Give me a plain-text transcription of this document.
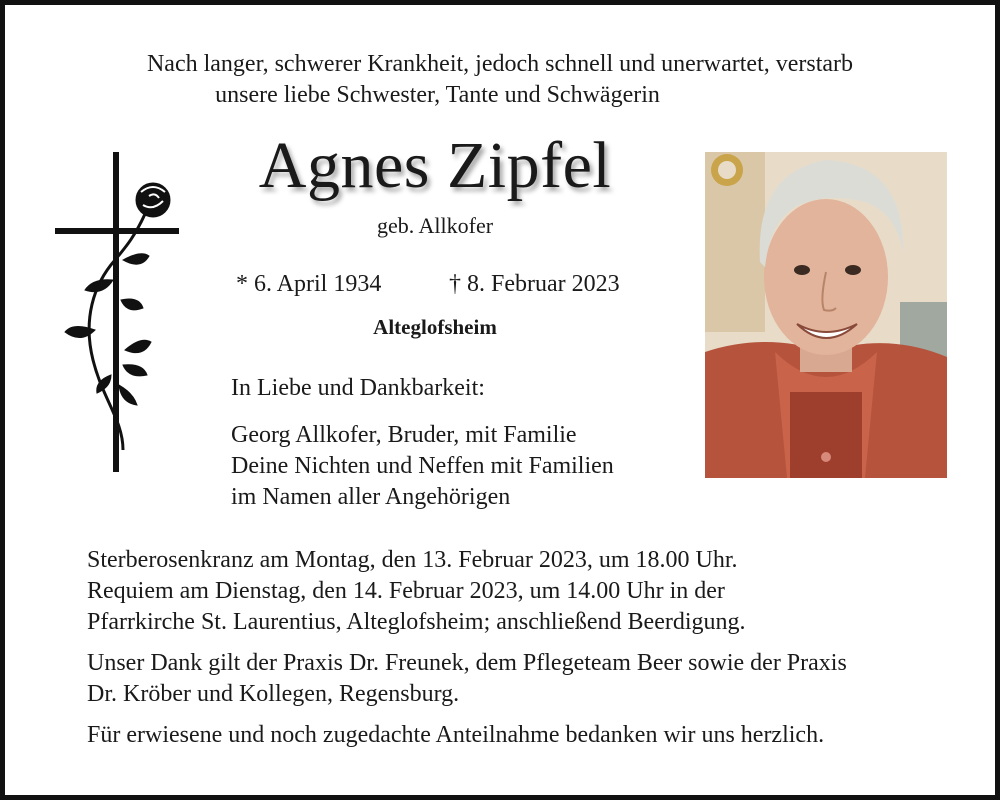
Nach langer, schwerer Krankheit, jedoch schnell und unerwartet, verstarb
unsere liebe Schwester, Tante und Schwägerin
Agnes Zipfel
geb. Allkofer
* 6. April 1934	† 8. Februar 2023
Alteglofsheim
In Liebe und Dankbarkeit:
Georg Allkofer, Bruder, mit Familie
Deine Nichten und Neffen mit Familien
im Namen aller Angehörigen
Sterberosenkranz am Montag, den 13. Februar 2023, um 18.00 Uhr.
Requiem am Dienstag, den 14. Februar 2023, um 14.00 Uhr in der
Pfarrkirche St. Laurentius, Alteglofsheim; anschließend Beerdigung.
Unser Dank gilt der Praxis Dr. Freunek, dem Pflegeteam Beer sowie der Praxis
Dr. Kröber und Kollegen, Regensburg.
Für erwiesene und noch zugedachte Anteilnahme bedanken wir uns herzlich.
